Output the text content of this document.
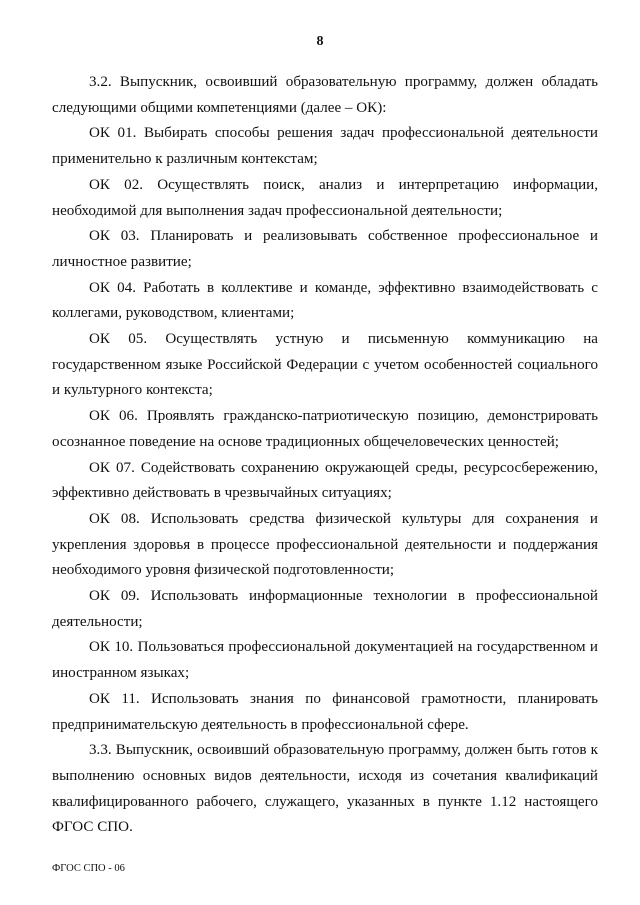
8

3.2. Выпускник, освоивший образовательную программу, должен обладать следующими общими компетенциями (далее – ОК):

ОК 01. Выбирать способы решения задач профессиональной деятельности применительно к различным контекстам;

ОК 02. Осуществлять поиск, анализ и интерпретацию информации, необходимой для выполнения задач профессиональной деятельности;

ОК 03. Планировать и реализовывать собственное профессиональное и личностное развитие;

ОК 04. Работать в коллективе и команде, эффективно взаимодействовать с коллегами, руководством, клиентами;

ОК 05. Осуществлять устную и письменную коммуникацию на государственном языке Российской Федерации с учетом особенностей социального и культурного контекста;

ОК 06. Проявлять гражданско-патриотическую позицию, демонстрировать осознанное поведение на основе традиционных общечеловеческих ценностей;

ОК 07. Содействовать сохранению окружающей среды, ресурсосбережению, эффективно действовать в чрезвычайных ситуациях;

ОК 08. Использовать средства физической культуры для сохранения и укрепления здоровья в процессе профессиональной деятельности и поддержания необходимого уровня физической подготовленности;

ОК 09. Использовать информационные технологии в профессиональной деятельности;

ОК 10. Пользоваться профессиональной документацией на государственном и иностранном языках;

ОК 11. Использовать знания по финансовой грамотности, планировать предпринимательскую деятельность в профессиональной сфере.

3.3. Выпускник, освоивший образовательную программу, должен быть готов к выполнению основных видов деятельности, исходя из сочетания квалификаций квалифицированного рабочего, служащего, указанных в пункте 1.12 настоящего ФГОС СПО.

ФГОС СПО - 06
